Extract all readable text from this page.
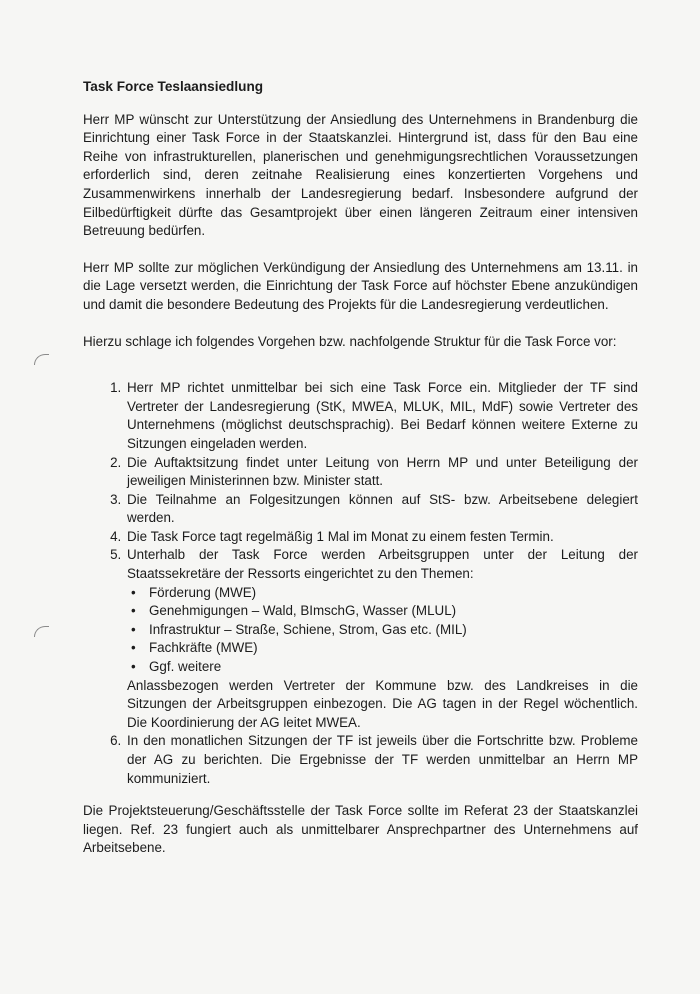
Task Force Teslaansiedlung

Herr MP wünscht zur Unterstützung der Ansiedlung des Unternehmens in Brandenburg die Einrichtung einer Task Force in der Staatskanzlei. Hintergrund ist, dass für den Bau eine Reihe von infrastrukturellen, planerischen und genehmigungsrechtlichen Voraussetzungen erforderlich sind, deren zeitnahe Realisierung eines konzertierten Vorgehens und Zusammenwirkens innerhalb der Landesregierung bedarf. Insbesondere aufgrund der Eilbedürftigkeit dürfte das Gesamtprojekt über einen längeren Zeitraum einer intensiven Betreuung bedürfen.

Herr MP sollte zur möglichen Verkündigung der Ansiedlung des Unternehmens am 13.11. in die Lage versetzt werden, die Einrichtung der Task Force auf höchster Ebene anzukündigen und damit die besondere Bedeutung des Projekts für die Landesregierung verdeutlichen.

Hierzu schlage ich folgendes Vorgehen bzw. nachfolgende Struktur für die Task Force vor:

1. Herr MP richtet unmittelbar bei sich eine Task Force ein. Mitglieder der TF sind Vertreter der Landesregierung (StK, MWEA, MLUK, MIL, MdF) sowie Vertreter des Unternehmens (möglichst deutschsprachig). Bei Bedarf können weitere Externe zu Sitzungen eingeladen werden.
2. Die Auftaktsitzung findet unter Leitung von Herrn MP und unter Beteiligung der jeweiligen Ministerinnen bzw. Minister statt.
3. Die Teilnahme an Folgesitzungen können auf StS- bzw. Arbeitsebene delegiert werden.
4. Die Task Force tagt regelmäßig 1 Mal im Monat zu einem festen Termin.
5. Unterhalb der Task Force werden Arbeitsgruppen unter der Leitung der Staatssekretäre der Ressorts eingerichtet zu den Themen:
• Förderung (MWE)
• Genehmigungen – Wald, BImschG, Wasser (MLUL)
• Infrastruktur – Straße, Schiene, Strom, Gas etc. (MIL)
• Fachkräfte (MWE)
• Ggf. weitere
Anlassbezogen werden Vertreter der Kommune bzw. des Landkreises in die Sitzungen der Arbeitsgruppen einbezogen. Die AG tagen in der Regel wöchentlich. Die Koordinierung der AG leitet MWEA.
6. In den monatlichen Sitzungen der TF ist jeweils über die Fortschritte bzw. Probleme der AG zu berichten. Die Ergebnisse der TF werden unmittelbar an Herrn MP kommuniziert.

Die Projektsteuerung/Geschäftsstelle der Task Force sollte im Referat 23 der Staatskanzlei liegen. Ref. 23 fungiert auch als unmittelbarer Ansprechpartner des Unternehmens auf Arbeitsebene.
